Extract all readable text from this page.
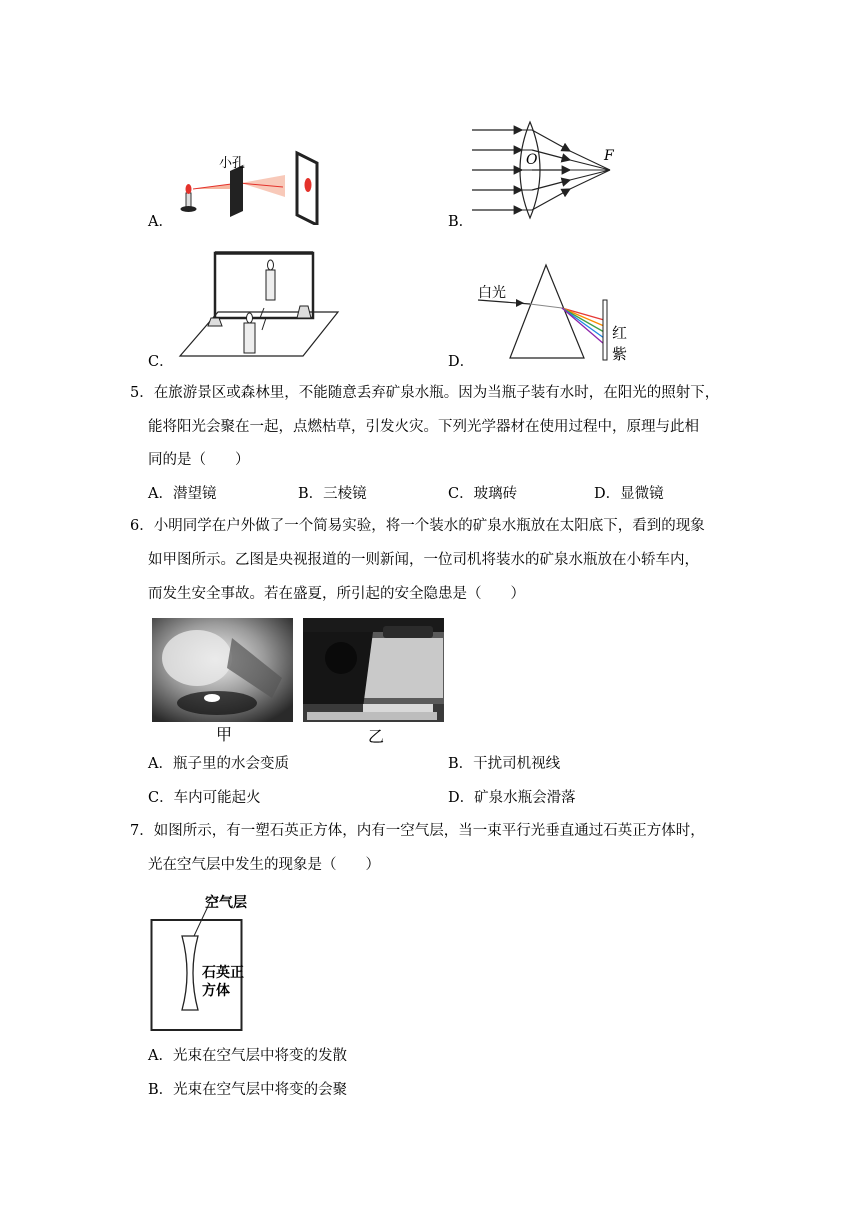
小孔
A．
O	F
B．
C．
白光
红
紫
D．
5．在旅游景区或森林里，不能随意丢弃矿泉水瓶。因为当瓶子装有水时，在阳光的照射下，
能将阳光会聚在一起，点燃枯草，引发火灾。下列光学器材在使用过程中，原理与此相
同的是（　　）
A．潜望镜	B．三棱镜	C．玻璃砖	D．显微镜
6．小明同学在户外做了一个简易实验，将一个装水的矿泉水瓶放在太阳底下，看到的现象
如甲图所示。乙图是央视报道的一则新闻，一位司机将装水的矿泉水瓶放在小轿车内，
而发生安全事故。若在盛夏，所引起的安全隐患是（　　）
甲	乙
A．瓶子里的水会变质	B．干扰司机视线
C．车内可能起火	D．矿泉水瓶会滑落
7．如图所示，有一塑石英正方体，内有一空气层，当一束平行光垂直通过石英正方体时，
光在空气层中发生的现象是（　　）
空气层
石英正
方体
A．光束在空气层中将变的发散
B．光束在空气层中将变的会聚
